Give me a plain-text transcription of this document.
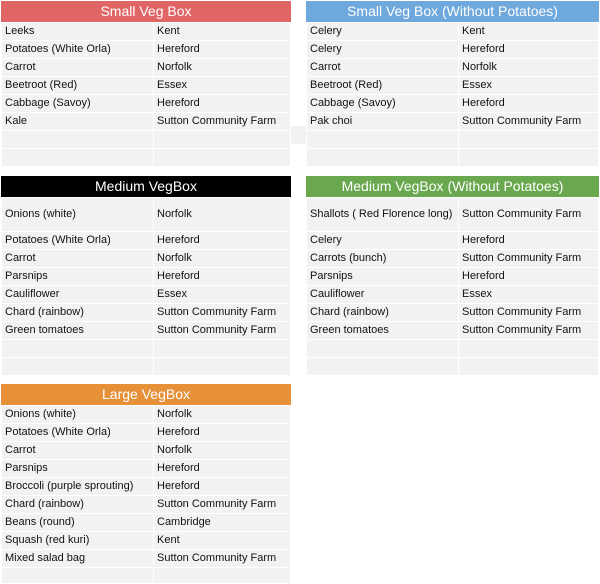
Small Veg Box
Leeks	Kent
Potatoes (White Orla)	Hereford
Carrot	Norfolk
Beetroot (Red)	Essex
Cabbage (Savoy)	Hereford
Kale	Sutton Community Farm

Small Veg Box (Without Potatoes)
Celery	Kent
Celery	Hereford
Carrot	Norfolk
Beetroot (Red)	Essex
Cabbage (Savoy)	Hereford
Pak choi	Sutton Community Farm

Medium VegBox
Onions (white)	Norfolk
Potatoes (White Orla)	Hereford
Carrot	Norfolk
Parsnips	Hereford
Cauliflower	Essex
Chard (rainbow)	Sutton Community Farm
Green tomatoes	Sutton Community Farm

Medium VegBox (Without Potatoes)
Shallots ( Red Florence long)	Sutton Community Farm
Celery	Hereford
Carrots (bunch)	Sutton Community Farm
Parsnips	Hereford
Cauliflower	Essex
Chard (rainbow)	Sutton Community Farm
Green tomatoes	Sutton Community Farm

Large VegBox
Onions (white)	Norfolk
Potatoes (White Orla)	Hereford
Carrot	Norfolk
Parsnips	Hereford
Broccoli (purple sprouting)	Hereford
Chard (rainbow)	Sutton Community Farm
Beans (round)	Cambridge
Squash (red kuri)	Kent
Mixed salad bag	Sutton Community Farm
